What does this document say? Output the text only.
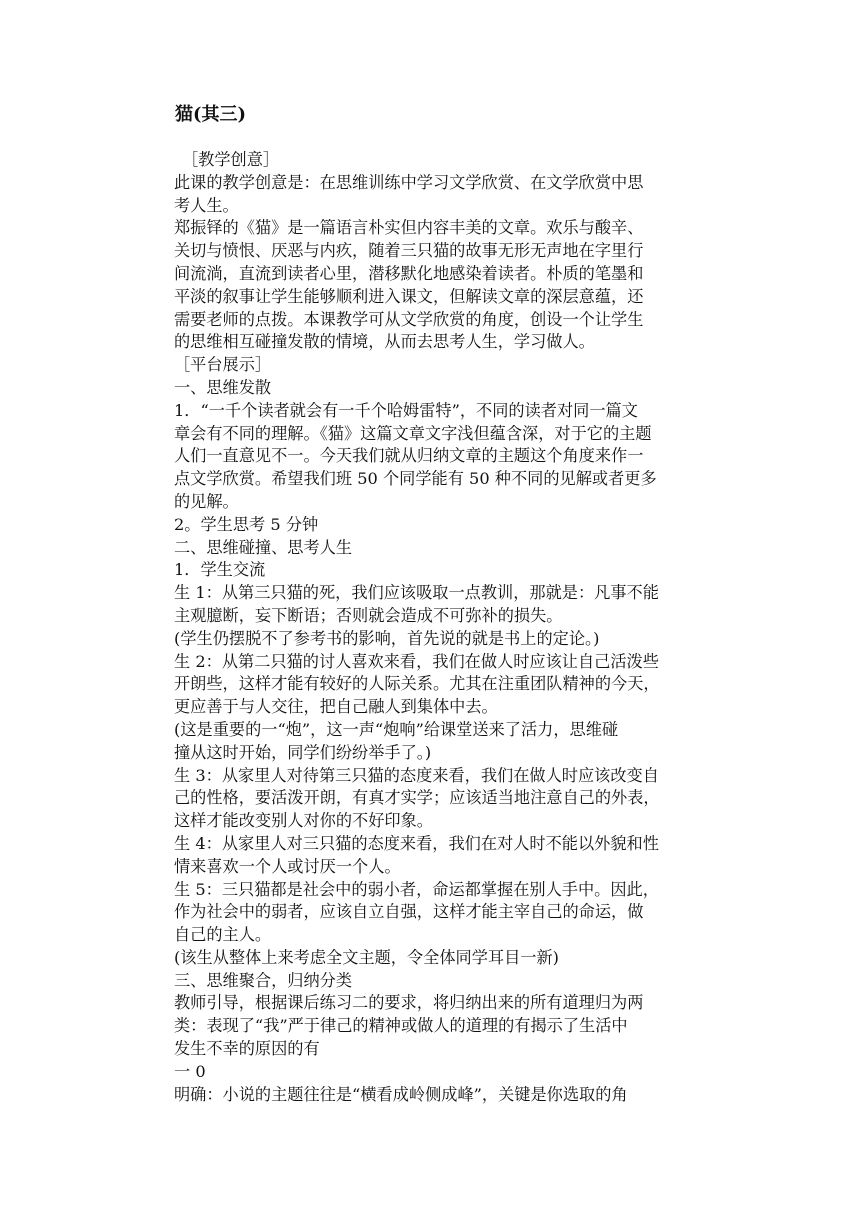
猫(其三)
［教学创意］
此课的教学创意是：在思维训练中学习文学欣赏、在文学欣赏中思
考人生。
郑振铎的《猫》是一篇语言朴实但内容丰美的文章。欢乐与酸辛、
关切与愤恨、厌恶与内疚，随着三只猫的故事无形无声地在字里行
间流淌，直流到读者心里，潜移默化地感染着读者。朴质的笔墨和
平淡的叙事让学生能够顺利进入课文，但解读文章的深层意蕴，还
需要老师的点拨。本课教学可从文学欣赏的角度，创设一个让学生
的思维相互碰撞发散的情境，从而去思考人生，学习做人。
［平台展示］
一、思维发散
1．“一千个读者就会有一千个哈姆雷特”，不同的读者对同一篇文
章会有不同的理解。《猫》这篇文章文字浅但蕴含深，对于它的主题
人们一直意见不一。今天我们就从归纳文章的主题这个角度来作一
点文学欣赏。希望我们班 50 个同学能有 50 种不同的见解或者更多
的见解。
2。学生思考 5 分钟
二、思维碰撞、思考人生
1．学生交流
生 1：从第三只猫的死，我们应该吸取一点教训，那就是：凡事不能
主观臆断，妄下断语；否则就会造成不可弥补的损失。
(学生仍摆脱不了参考书的影响，首先说的就是书上的定论。)
生 2：从第二只猫的讨人喜欢来看，我们在做人时应该让自己活泼些
开朗些，这样才能有较好的人际关系。尤其在注重团队精神的今天，
更应善于与人交往，把自己融人到集体中去。
(这是重要的一“炮”，这一声“炮响”给课堂送来了活力，思维碰
撞从这时开始，同学们纷纷举手了。)
生 3：从家里人对待第三只猫的态度来看，我们在做人时应该改变自
己的性格，要活泼开朗，有真才实学；应该适当地注意自己的外表，
这样才能改变别人对你的不好印象。
生 4：从家里人对三只猫的态度来看，我们在对人时不能以外貌和性
情来喜欢一个人或讨厌一个人。
生 5：三只猫都是社会中的弱小者，命运都掌握在别人手中。因此，
作为社会中的弱者，应该自立自强，这样才能主宰自己的命运，做
自己的主人。
(该生从整体上来考虑全文主题，令全体同学耳目一新)
三、思维聚合，归纳分类
教师引导，根据课后练习二的要求，将归纳出来的所有道理归为两
类：表现了“我”严于律己的精神或做人的道理的有揭示了生活中
发生不幸的原因的有
一 0
明确：小说的主题往往是“横看成岭侧成峰”，关键是你选取的角
